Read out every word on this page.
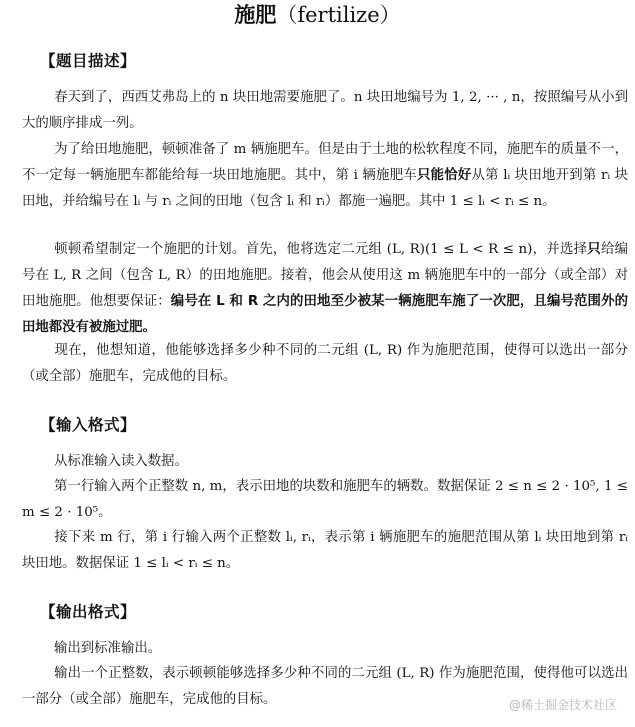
施肥（fertilize）
【题目描述】
春天到了，西西艾弗岛上的 n 块田地需要施肥了。n 块田地编号为 1, 2, ··· , n，按照编号从小到大的顺序排成一列。
为了给田地施肥，顿顿准备了 m 辆施肥车。但是由于土地的松软程度不同，施肥车的质量不一，不一定每一辆施肥车都能给每一块田地施肥。其中，第 i 辆施肥车只能恰好从第 lᵢ 块田地开到第 rᵢ 块田地，并给编号在 lᵢ 与 rᵢ 之间的田地（包含 lᵢ 和 rᵢ）都施一遍肥。其中 1 ≤ lᵢ < rᵢ ≤ n。
顿顿希望制定一个施肥的计划。首先，他将选定二元组 (L, R)(1 ≤ L < R ≤ n)，并选择只给编号在 L, R 之间（包含 L, R）的田地施肥。接着，他会从使用这 m 辆施肥车中的一部分（或全部）对田地施肥。他想要保证：编号在 L 和 R 之内的田地至少被某一辆施肥车施了一次肥，且编号范围外的田地都没有被施过肥。
现在，他想知道，他能够选择多少种不同的二元组 (L, R) 作为施肥范围，使得可以选出一部分（或全部）施肥车，完成他的目标。
【输入格式】
从标准输入读入数据。
第一行输入两个正整数 n, m，表示田地的块数和施肥车的辆数。数据保证 2 ≤ n ≤ 2 · 10⁵, 1 ≤ m ≤ 2 · 10⁵。
接下来 m 行，第 i 行输入两个正整数 lᵢ, rᵢ，表示第 i 辆施肥车的施肥范围从第 lᵢ 块田地到第 rᵢ 块田地。数据保证 1 ≤ lᵢ < rᵢ ≤ n。
【输出格式】
输出到标准输出。
输出一个正整数，表示顿顿能够选择多少种不同的二元组 (L, R) 作为施肥范围，使得他可以选出一部分（或全部）施肥车，完成他的目标。	@稀土掘金技术社区
